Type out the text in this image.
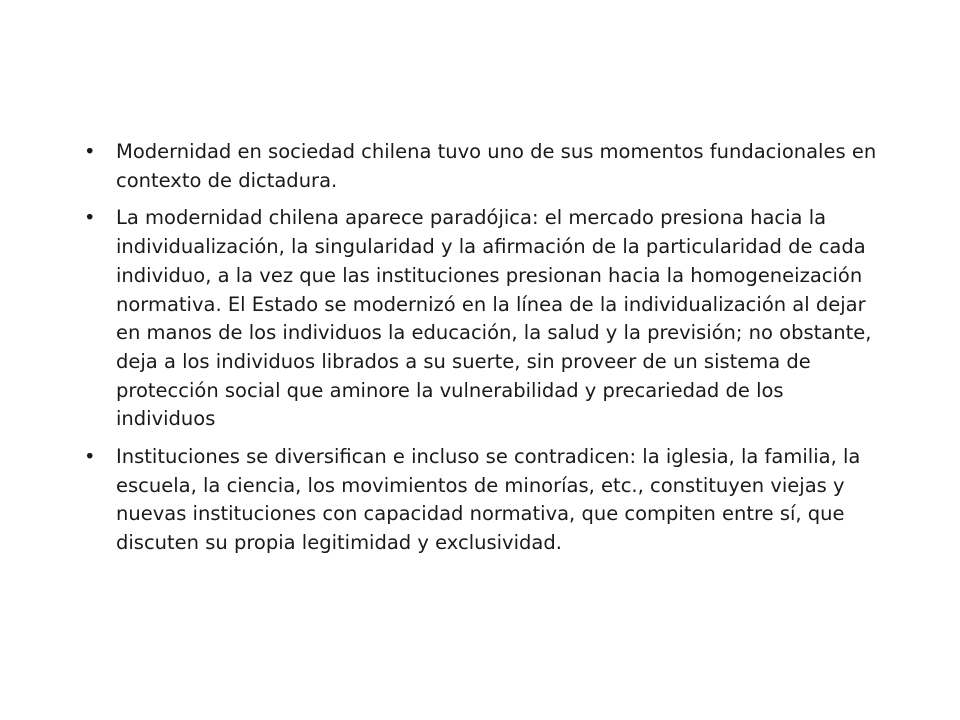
•	Modernidad en sociedad chilena tuvo uno de sus momentos fundacionales en contexto de dictadura.
•	La modernidad chilena aparece paradójica: el mercado presiona hacia la individualización, la singularidad y la afirmación de la particularidad de cada individuo, a la vez que las instituciones presionan hacia la homogeneización normativa. El Estado se modernizó en la línea de la individualización al dejar en manos de los individuos la educación, la salud y la previsión; no obstante, deja a los individuos librados a su suerte, sin proveer de un sistema de protección social que aminore la vulnerabilidad y precariedad de los individuos
•	Instituciones se diversifican e incluso se contradicen: la iglesia, la familia, la escuela, la ciencia, los movimientos de minorías, etc., constituyen viejas y nuevas instituciones con capacidad normativa, que compiten entre sí, que discuten su propia legitimidad y exclusividad.
